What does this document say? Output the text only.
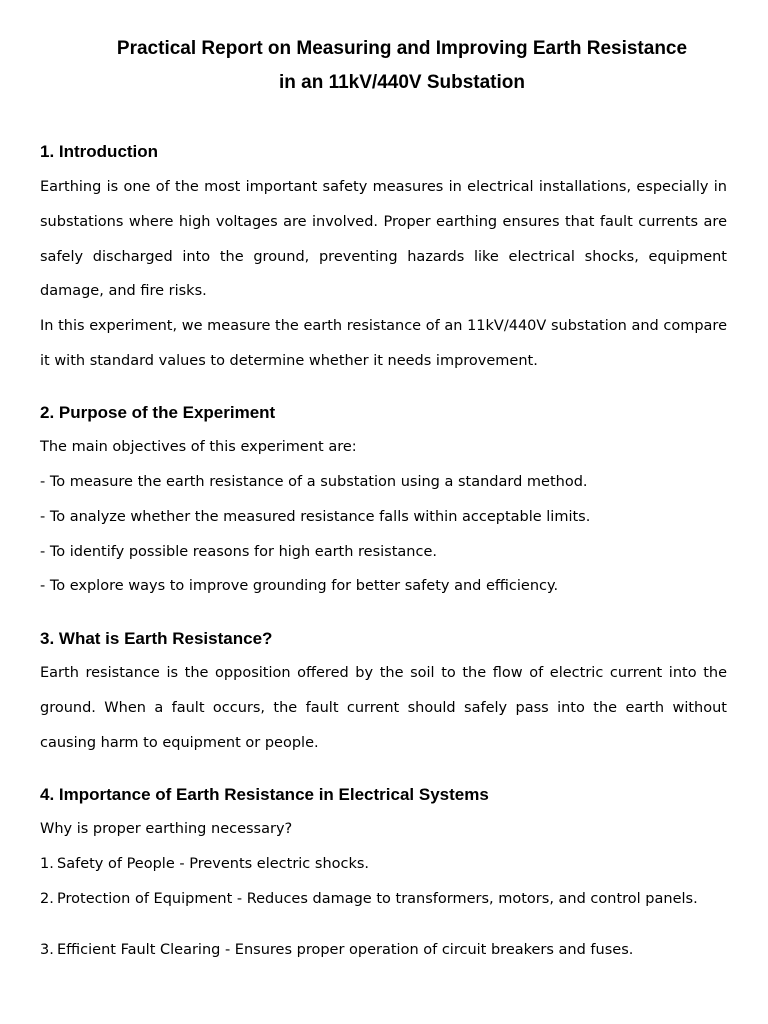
Practical Report on Measuring and Improving Earth Resistance
in an 11kV/440V Substation
1. Introduction

Earthing is one of the most important safety measures in electrical installations, especially in substations where high voltages are involved. Proper earthing ensures that fault currents are safely discharged into the ground, preventing hazards like electrical shocks, equipment damage, and fire risks.

In this experiment, we measure the earth resistance of an 11kV/440V substation and compare it with standard values to determine whether it needs improvement.

2. Purpose of the Experiment

The main objectives of this experiment are:

- To measure the earth resistance of a substation using a standard method.

- To analyze whether the measured resistance falls within acceptable limits.

- To identify possible reasons for high earth resistance.

- To explore ways to improve grounding for better safety and efficiency.

3. What is Earth Resistance?

Earth resistance is the opposition offered by the soil to the flow of electric current into the ground. When a fault occurs, the fault current should safely pass into the earth without causing harm to equipment or people.

4. Importance of Earth Resistance in Electrical Systems

Why is proper earthing necessary?

1. Safety of People - Prevents electric shocks.
2. Protection of Equipment - Reduces damage to transformers, motors, and control panels.
3. Efficient Fault Clearing - Ensures proper operation of circuit breakers and fuses.
